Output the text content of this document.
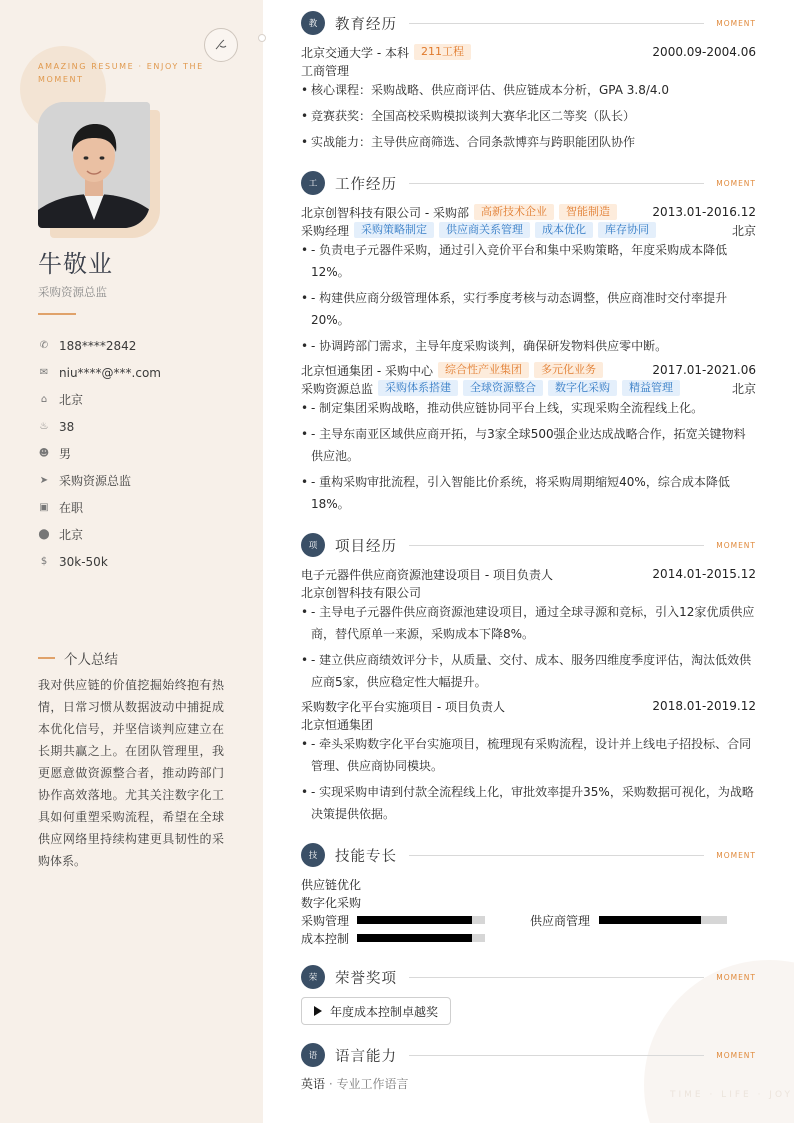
AMAZING RESUME · ENJOY THE MOMENT
牛敬业
采购资源总监
✆ 188****2842
✉ niu****@***.com
⌂ 北京
♨ 38
☻ 男
➤ 采购资源总监
▣ 在职
⬤ 北京
$ 30k-50k
个人总结

我对供应链的价值挖掘始终抱有热情，日常习惯从数据波动中捕捉成本优化信号，并坚信谈判应建立在长期共赢之上。在团队管理里，我更愿意做资源整合者，推动跨部门协作高效落地。尤其关注数字化工具如何重塑采购流程，希望在全球供应网络里持续构建更具韧性的采购体系。

TIME · LIFE · JOY
教	教育经历	MOMENT
北京交通大学 - 本科	211工程	2000.09-2004.06
工商管理
• 核心课程：采购战略、供应商评估、供应链成本分析，GPA 3.8/4.0
• 竞赛获奖：全国高校采购模拟谈判大赛华北区二等奖（队长）
• 实战能力：主导供应商筛选、合同条款博弈与跨职能团队协作
工	工作经历	MOMENT
北京创智科技有限公司 - 采购部	高新技术企业	智能制造	2013.01-2016.12
采购经理	采购策略制定	供应商关系管理	成本优化	库存协同	北京
• - 负责电子元器件采购，通过引入竞价平台和集中采购策略，年度采购成本降低12%。
• - 构建供应商分级管理体系，实行季度考核与动态调整，供应商准时交付率提升20%。
• - 协调跨部门需求，主导年度采购谈判，确保研发物料供应零中断。
北京恒通集团 - 采购中心	综合性产业集团	多元化业务	2017.01-2021.06
采购资源总监	采购体系搭建	全球资源整合	数字化采购	精益管理	北京
• - 制定集团采购战略，推动供应链协同平台上线，实现采购全流程线上化。
• - 主导东南亚区域供应商开拓，与3家全球500强企业达成战略合作，拓宽关键物料供应池。
• - 重构采购审批流程，引入智能比价系统，将采购周期缩短40%，综合成本降低18%。
项	项目经历	MOMENT
电子元器件供应商资源池建设项目 - 项目负责人	2014.01-2015.12
北京创智科技有限公司
• - 主导电子元器件供应商资源池建设项目，通过全球寻源和竞标，引入12家优质供应商，替代原单一来源，采购成本下降8%。
• - 建立供应商绩效评分卡，从质量、交付、成本、服务四维度季度评估，淘汰低效供应商5家，供应稳定性大幅提升。
采购数字化平台实施项目 - 项目负责人	2018.01-2019.12
北京恒通集团
• - 牵头采购数字化平台实施项目，梳理现有采购流程，设计并上线电子招投标、合同管理、供应商协同模块。
• - 实现采购申请到付款全流程线上化，审批效率提升35%，采购数据可视化，为战略决策提供依据。
技	技能专长	MOMENT
供应链优化
数字化采购
采购管理	供应商管理
成本控制
荣	荣誉奖项	MOMENT
年度成本控制卓越奖
语	语言能力	MOMENT
英语 · 专业工作语言
